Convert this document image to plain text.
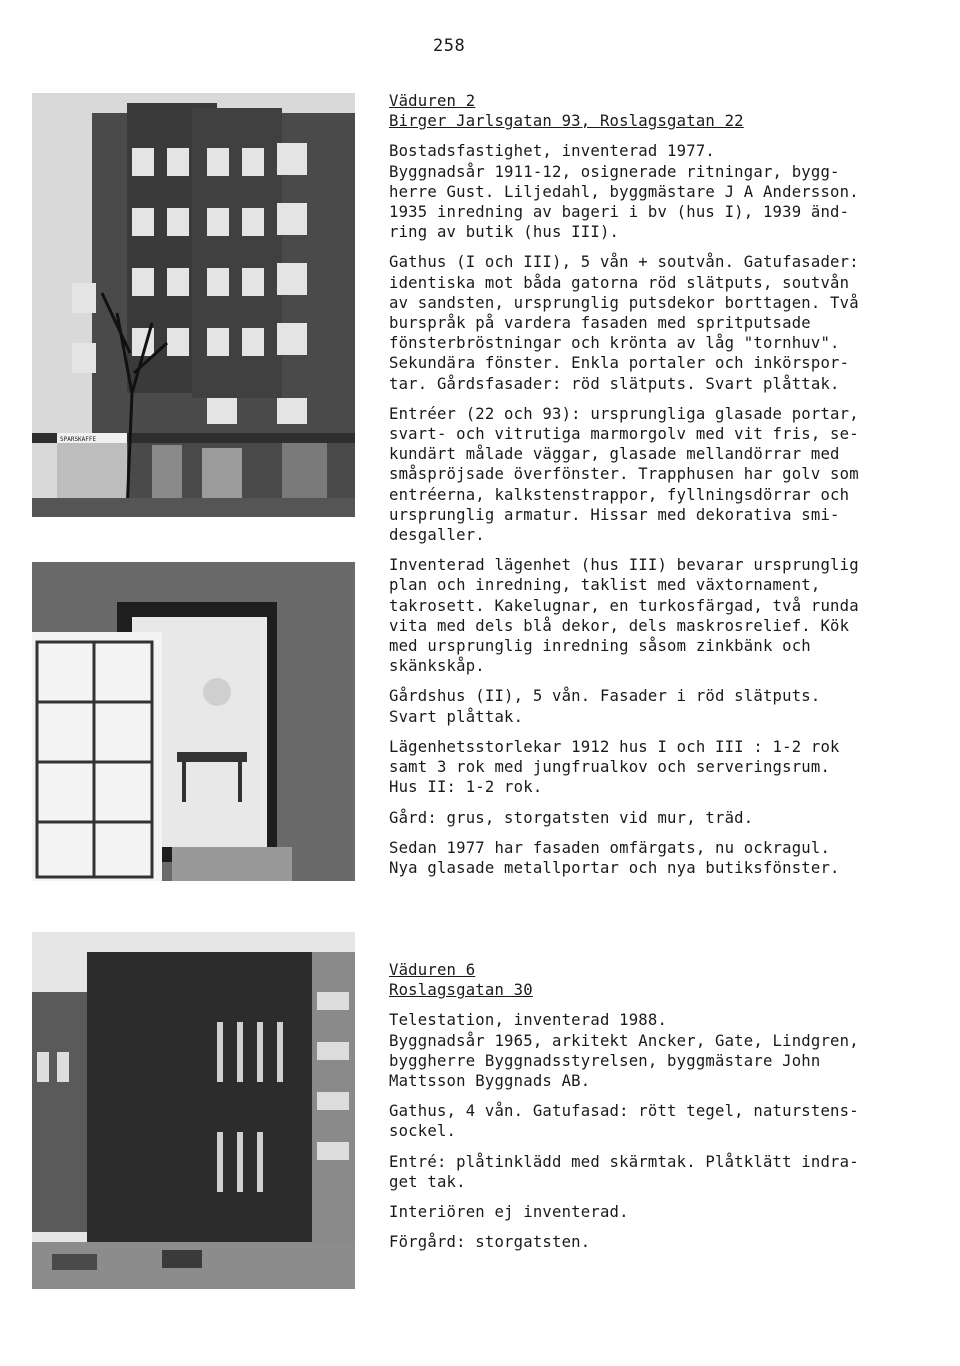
258
SPARSKAFFE

Väduren 2

Birger Jarlsgatan 93, Roslagsgatan 22

Bostadsfastighet, inventerad 1977.
Byggnadsår 1911-12, osignerade ritningar, bygg-
herre Gust. Liljedahl, byggmästare J A Andersson.
1935 inredning av bageri i bv (hus I), 1939 änd-
ring av butik (hus III).

Gathus (I och III), 5 vån + soutvån. Gatufasader:
identiska mot båda gatorna röd slätputs, soutvån
av sandsten, ursprunglig putsdekor borttagen. Två
burspråk på vardera fasaden med spritputsade
fönsterbröstningar och krönta av låg "tornhuv".
Sekundära fönster. Enkla portaler och inkörspor-
tar. Gårdsfasader: röd slätputs. Svart plåttak.

Entréer (22 och 93): ursprungliga glasade portar,
svart- och vitrutiga marmorgolv med vit fris, se-
kundärt målade väggar, glasade mellandörrar med
småspröjsade överfönster. Trapphusen har golv som
entréerna, kalkstenstrappor, fyllningsdörrar och
ursprunglig armatur. Hissar med dekorativa smi-
desgaller.

Inventerad lägenhet (hus III) bevarar ursprunglig
plan och inredning, taklist med växtornament,
takrosett. Kakelugnar, en turkosfärgad, två runda
vita med dels blå dekor, dels maskrosrelief. Kök
med ursprunglig inredning såsom zinkbänk och
skänkskåp.

Gårdshus (II), 5 vån. Fasader i röd slätputs.
Svart plåttak.

Lägenhetsstorlekar 1912 hus I och III : 1-2 rok
samt 3 rok med jungfrualkov och serveringsrum.
Hus II: 1-2 rok.

Gård: grus, storgatsten vid mur, träd.

Sedan 1977 har fasaden omfärgats, nu ockragul.
Nya glasade metallportar och nya butiksfönster.

Väduren 6

Roslagsgatan 30

Telestation, inventerad 1988.
Byggnadsår 1965, arkitekt Ancker, Gate, Lindgren,
byggherre Byggnadsstyrelsen, byggmästare John
Mattsson Byggnads AB.

Gathus, 4 vån. Gatufasad: rött tegel, naturstens-
sockel.

Entré: plåtinklädd med skärmtak. Plåtklätt indra-
get tak.

Interiören ej inventerad.

Förgård: storgatsten.
